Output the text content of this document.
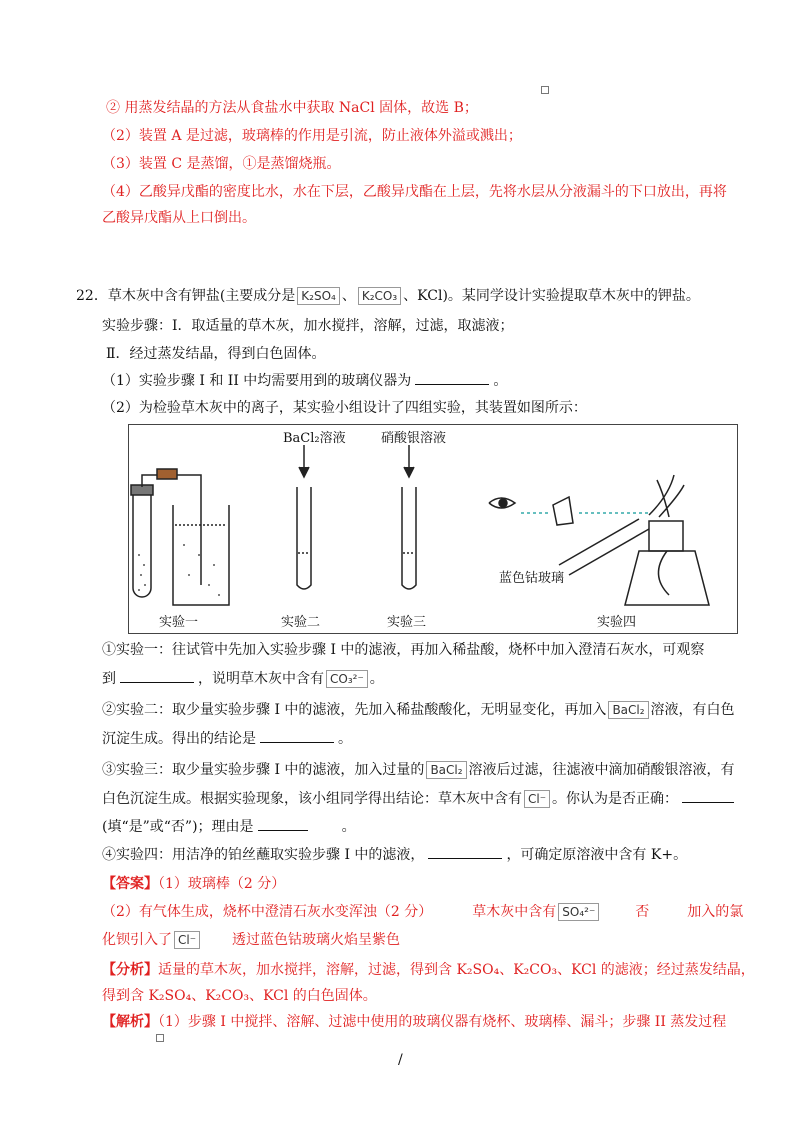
② 用蒸发结晶的方法从食盐水中获取 NaCl 固体，故选 B；
（2）装置 A 是过滤，玻璃棒的作用是引流，防止液体外溢或溅出；
（3）装置 C 是蒸馏，①是蒸馏烧瓶。
（4）乙酸异戊酯的密度比水，水在下层，乙酸异戊酯在上层，先将水层从分液漏斗的下口放出，再将
乙酸异戊酯从上口倒出。
22．草木灰中含有钾盐(主要成分是 K₂SO₄ 、 K₂CO₃ 、KCl)。某同学设计实验提取草木灰中的钾盐。
实验步骤：I．取适量的草木灰，加水搅拌，溶解，过滤，取滤液；
Ⅱ．经过蒸发结晶，得到白色固体。
（1）实验步骤 I 和 II 中均需要用到的玻璃仪器为	。
（2）为检验草木灰中的离子，某实验小组设计了四组实验，其装置如图所示：
BaCl₂溶液	硝酸银溶液
蓝色钴玻璃
实验一	实验二	实验三	实验四
①实验一：往试管中先加入实验步骤 I 中的滤液，再加入稀盐酸，烧杯中加入澄清石灰水，可观察
到	，说明草木灰中含有 CO₃²⁻ 。
②实验二：取少量实验步骤 I 中的滤液，先加入稀盐酸酸化，无明显变化，再加入 BaCl₂ 溶液，有白色
沉淀生成。得出的结论是	。
③实验三：取少量实验步骤 I 中的滤液，加入过量的 BaCl₂ 溶液后过滤，往滤液中滴加硝酸银溶液，有
白色沉淀生成。根据实验现象，该小组同学得出结论：草木灰中含有 Cl⁻ 。你认为是否正确：
(填“是”或“否”)；理由是	。
④实验四：用洁净的铂丝蘸取实验步骤 I 中的滤液，	，可确定原溶液中含有 K+。
【答案】（1）玻璃棒（2 分）
（2）有气体生成，烧杯中澄清石灰水变浑浊（2 分）	草木灰中含有 SO₄²⁻	否	加入的氯
化钡引入了 Cl⁻	透过蓝色钴玻璃火焰呈紫色
【分析】适量的草木灰，加水搅拌，溶解，过滤，得到含 K₂SO₄、K₂CO₃、KCl 的滤液；经过蒸发结晶，
得到含 K₂SO₄、K₂CO₃、KCl 的白色固体。
【解析】（1）步骤 I 中搅拌、溶解、过滤中使用的玻璃仪器有烧杯、玻璃棒、漏斗；步骤 II 蒸发过程
/
